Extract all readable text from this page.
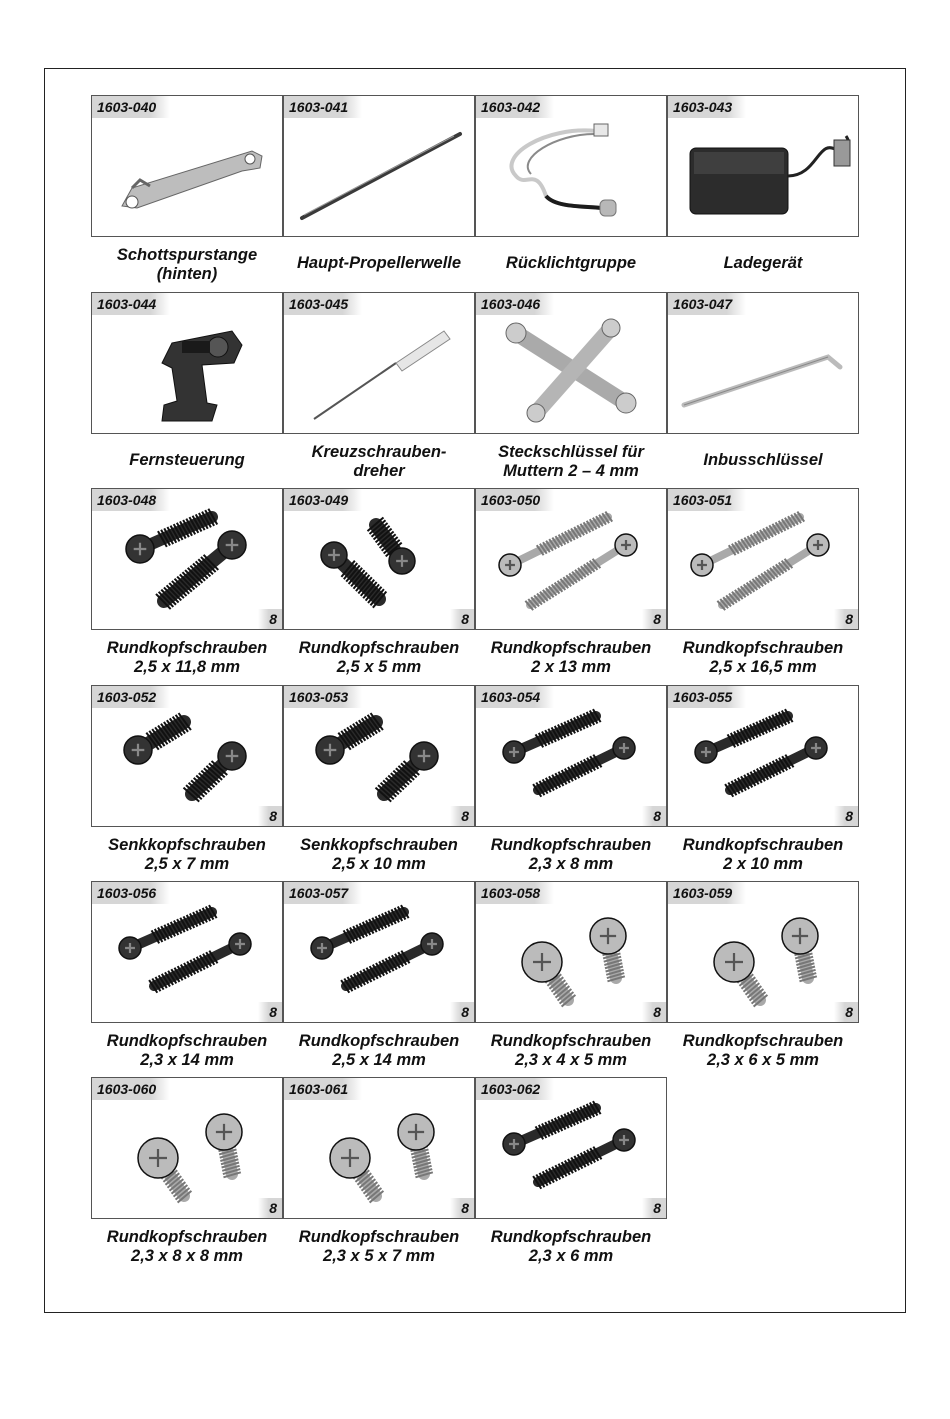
1603-040
Schottspurstange
(hinten)
1603-041
Haupt-Propellerwelle
1603-042
Rücklichtgruppe
1603-043
Ladegerät
1603-044
Fernsteuerung
1603-045
Kreuzschrauben-
dreher
1603-046
Steckschlüssel für
Muttern 2 – 4 mm
1603-047
Inbusschlüssel
1603-048
8
Rundkopfschrauben
2,5 x 11,8 mm
1603-049
8
Rundkopfschrauben
2,5 x 5 mm
1603-050
8
Rundkopfschrauben
2 x 13 mm
1603-051
8
Rundkopfschrauben
2,5 x 16,5 mm
1603-052
8
Senkkopfschrauben
2,5 x 7 mm
1603-053
8
Senkkopfschrauben
2,5 x 10 mm
1603-054
8
Rundkopfschrauben
2,3 x 8 mm
1603-055
8
Rundkopfschrauben
2 x 10 mm
1603-056
8
Rundkopfschrauben
2,3 x 14 mm
1603-057
8
Rundkopfschrauben
2,5 x 14 mm
1603-058
8
Rundkopfschrauben
2,3 x 4 x 5 mm
1603-059
8
Rundkopfschrauben
2,3 x 6 x 5 mm
1603-060
8
Rundkopfschrauben
2,3 x 8 x 8 mm
1603-061
8
Rundkopfschrauben
2,3 x 5 x 7 mm
1603-062
8
Rundkopfschrauben
2,3 x 6 mm
